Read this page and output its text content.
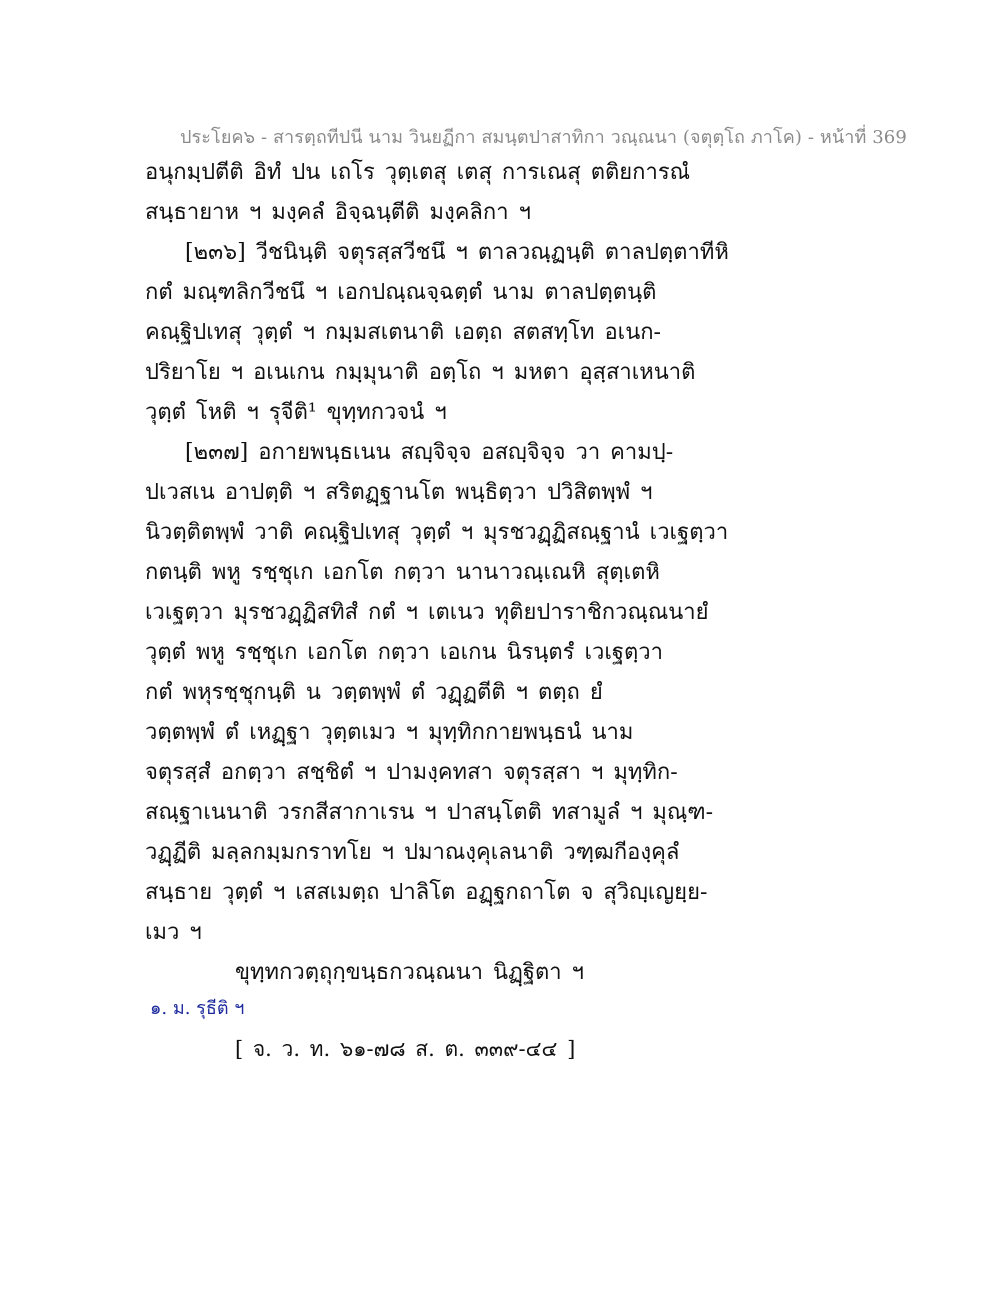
ประโยค๖ - สารตฺถทีปนี นาม วินยฏีกา สมนฺตปาสาทิกา วณฺณนา (จตุตฺโถ ภาโค) - หน้าที่ 369
อนุกมฺปตีติ อิทํ ปน เถโร วุตฺเตสุ เตสุ การเณสุ ตติยการณํ
สนฺธายาห ฯ มงฺคลํ อิจฺฉนฺตีติ มงฺคลิกา ฯ
[๒๓๖] วีชนินฺติ จตุรสฺสวีชนึ ฯ ตาลวณฺฏนฺติ ตาลปตฺตาทีหิ
กตํ มณฺฑลิกวีชนึ ฯ เอกปณฺณจฺฉตฺตํ นาม ตาลปตฺตนฺติ
คณฺฐิปเทสุ วุตฺตํ ฯ กมฺมสเตนาติ เอตฺถ สตสทฺโท อเนก-
ปริยาโย ฯ อเนเกน กมฺมุนาติ อตฺโถ ฯ มหตา อุสฺสาเหนาติ
วุตฺตํ โหติ ฯ รุจีติ¹ ขุทฺทกวจนํ ฯ
[๒๓๗] อกายพนฺธเนน สญฺจิจฺจ อสญฺจิจฺจ วา คามปฺ-
ปเวสเน อาปตฺติ ฯ สริตฏฺฐานโต พนฺธิตฺวา ปวิสิตพฺพํ ฯ
นิวตฺติตพฺพํ วาติ คณฺฐิปเทสุ วุตฺตํ ฯ มุรชวฏฺฏิสณฺฐานํ เวเฐตฺวา
กตนฺติ พหู รชฺชุเก เอกโต กตฺวา นานาวณฺเณหิ สุตฺเตหิ
เวเฐตฺวา มุรชวฏฺฏิสทิสํ กตํ ฯ เตเนว ทุติยปาราชิกวณฺณนายํ
วุตฺตํ พหู รชฺชุเก เอกโต กตฺวา เอเกน นิรนฺตรํ เวเฐตฺวา
กตํ พหุรชฺชุกนฺติ น วตฺตพฺพํ ตํ วฏฺฏตีติ ฯ ตตฺถ ยํ
วตฺตพฺพํ ตํ เหฏฺฐา วุตฺตเมว ฯ มุทฺทิกกายพนฺธนํ นาม
จตุรสฺสํ อกตฺวา สชฺชิตํ ฯ ปามงฺคทสา จตุรสฺสา ฯ มุทฺทิก-
สณฺฐาเนนาติ วรกสีสากาเรน ฯ ปาสนฺโตติ ทสามูลํ ฯ มุณฺฑ-
วฏฺฏีติ มลฺลกมฺมกราทโย ฯ ปมาณงฺคุเลนาติ วฑฺฒกีองฺคุลํ
สนฺธาย วุตฺตํ ฯ เสสเมตฺถ ปาลิโต อฏฺฐกถาโต จ สุวิญฺเญยฺย-
เมว ฯ
ขุทฺทกวตฺถุกฺขนฺธกวณฺณนา นิฏฺฐิตา ฯ
๑. ม. รุธีติ ฯ
[ จ. ว. ท. ๖๑-๗๘ ส. ต. ๓๓๙-๔๔ ]
